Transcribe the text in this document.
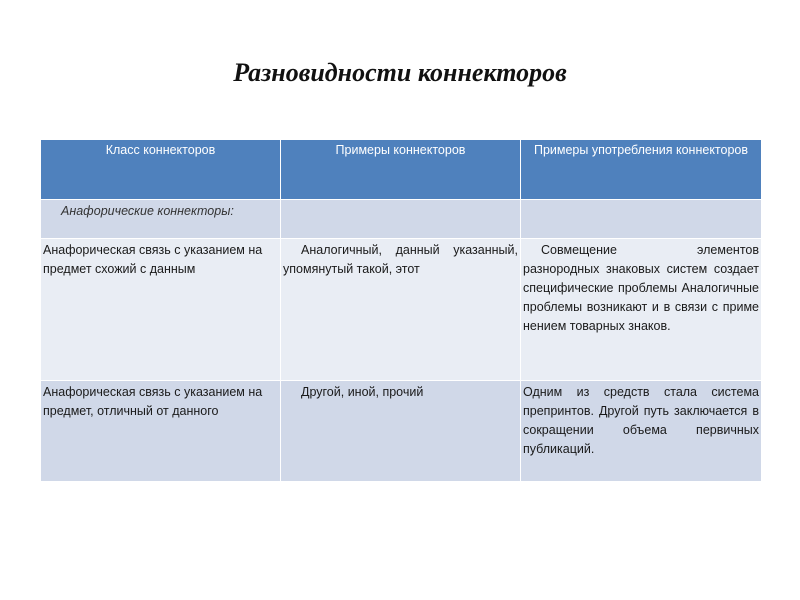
Разновидности коннекторов
Класс коннекторов	Примеры коннекторов	Примеры употребления коннекторов
Анафорические коннекторы:		
Анафорическая связь с указанием на предмет схожий с данным	Аналогичный, данный указанный, упомянутый такой, этот	Совмещение элементов разнородных знаковых систем создает специфические проблемы Аналогичные проблемы возникают и в связи с приме нением товарных знаков.
Анафорическая связь с указанием на предмет, отличный от данного	Другой, иной, прочий	Одним из средств стала система препринтов. Другой путь заключается в сокращении объема первичных публикаций.
